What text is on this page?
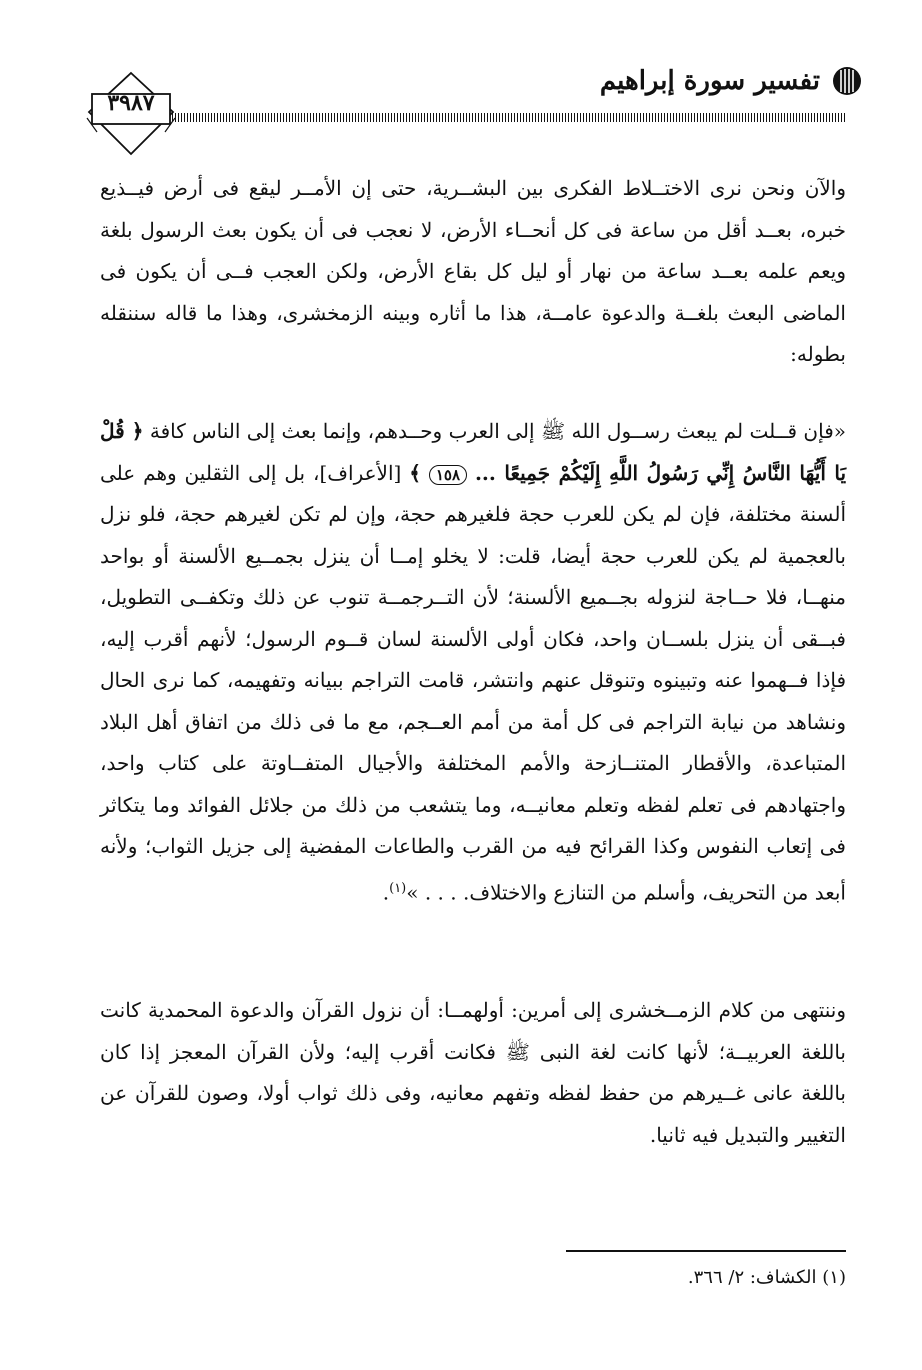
تفسير سورة إبراهيم
٣٩٨٧

والآن ونحن نرى الاختــلاط الفكرى بين البشــرية، حتى إن الأمــر ليقع فى أرض فيــذيع خبره، بعــد أقل من ساعة فى كل أنحــاء الأرض، لا نعجب فى أن يكون بعث الرسول بلغة ويعم علمه بعــد ساعة من نهار أو ليل كل بقاع الأرض، ولكن العجب فــى أن يكون فى الماضى البعث بلغــة والدعوة عامــة، هذا ما أثاره وبينه الزمخشرى، وهذا ما قاله سننقله بطوله:

«فإن قــلت لم يبعث رســول الله ﷺ إلى العرب وحــدهم، وإنما بعث إلى الناس كافة ﴿ قُلْ يَا أَيُّهَا النَّاسُ إِنِّي رَسُولُ اللَّهِ إِلَيْكُمْ جَمِيعًا ... ١٥٨ ﴾ [الأعراف]، بل إلى الثقلين وهم على ألسنة مختلفة، فإن لم يكن للعرب حجة فلغيرهم حجة، وإن لم تكن لغيرهم حجة، فلو نزل بالعجمية لم يكن للعرب حجة أيضا، قلت: لا يخلو إمــا أن ينزل بجمــيع الألسنة أو بواحد منهــا، فلا حــاجة لنزوله بجــميع الألسنة؛ لأن التــرجمــة تنوب عن ذلك وتكفــى التطويل، فبــقى أن ينزل بلســان واحد، فكان أولى الألسنة لسان قــوم الرسول؛ لأنهم أقرب إليه، فإذا فــهموا عنه وتبينوه وتنوقل عنهم وانتشر، قامت التراجم ببيانه وتفهيمه، كما نرى الحال ونشاهد من نيابة التراجم فى كل أمة من أمم العــجم، مع ما فى ذلك من اتفاق أهل البلاد المتباعدة، والأقطار المتنــازحة والأمم المختلفة والأجيال المتفــاوتة على كتاب واحد، واجتهادهم فى تعلم لفظه وتعلم معانيــه، وما يتشعب من ذلك من جلائل الفوائد وما يتكاثر فى إتعاب النفوس وكذا القرائح فيه من القرب والطاعات المفضية إلى جزيل الثواب؛ ولأنه أبعد من التحريف، وأسلم من التنازع والاختلاف. . . . »$^{(١)}$.

وننتهى من كلام الزمــخشرى إلى أمرين: أولهمــا: أن نزول القرآن والدعوة المحمدية كانت باللغة العربيــة؛ لأنها كانت لغة النبى ﷺ فكانت أقرب إليه؛ ولأن القرآن المعجز إذا كان باللغة عانى غــيرهم من حفظ لفظه وتفهم معانيه، وفى ذلك ثواب أولا، وصون للقرآن عن التغيير والتبديل فيه ثانيا.

(١) الكشاف: ٢/ ٣٦٦.
